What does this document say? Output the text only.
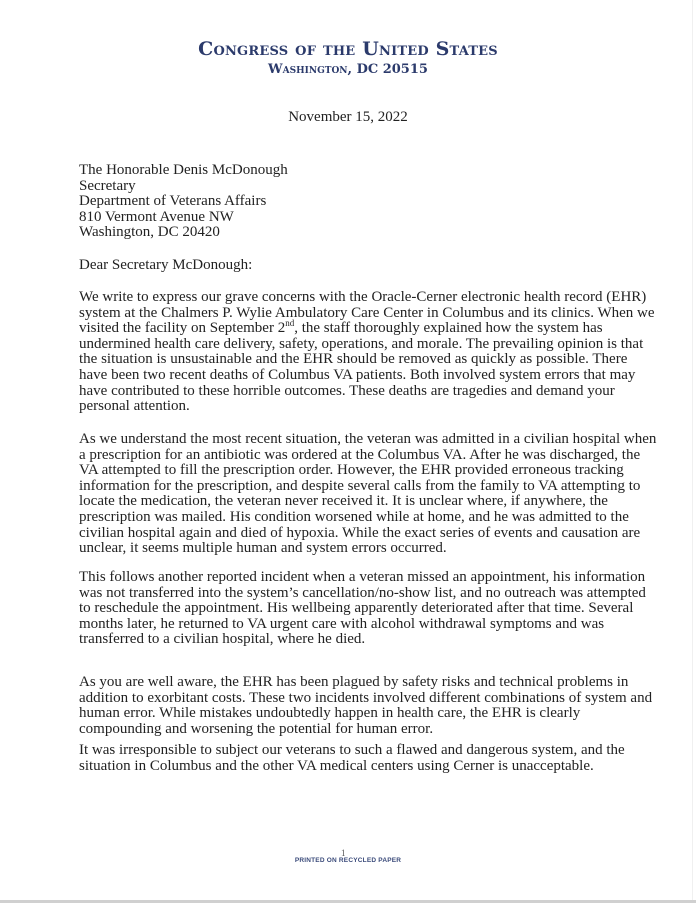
Congress of the United States
Washington, DC 20515
November 15, 2022
The Honorable Denis McDonough
Secretary
Department of Veterans Affairs
810 Vermont Avenue NW
Washington, DC 20420
Dear Secretary McDonough:
We write to express our grave concerns with the Oracle-Cerner electronic health record (EHR) system at the Chalmers P. Wylie Ambulatory Care Center in Columbus and its clinics. When we visited the facility on September 2nd, the staff thoroughly explained how the system has undermined health care delivery, safety, operations, and morale. The prevailing opinion is that the situation is unsustainable and the EHR should be removed as quickly as possible. There have been two recent deaths of Columbus VA patients. Both involved system errors that may have contributed to these horrible outcomes. These deaths are tragedies and demand your personal attention.
As we understand the most recent situation, the veteran was admitted in a civilian hospital when a prescription for an antibiotic was ordered at the Columbus VA. After he was discharged, the VA attempted to fill the prescription order. However, the EHR provided erroneous tracking information for the prescription, and despite several calls from the family to VA attempting to locate the medication, the veteran never received it. It is unclear where, if anywhere, the prescription was mailed. His condition worsened while at home, and he was admitted to the civilian hospital again and died of hypoxia. While the exact series of events and causation are unclear, it seems multiple human and system errors occurred.
This follows another reported incident when a veteran missed an appointment, his information was not transferred into the system’s cancellation/no-show list, and no outreach was attempted to reschedule the appointment. His wellbeing apparently deteriorated after that time. Several months later, he returned to VA urgent care with alcohol withdrawal symptoms and was transferred to a civilian hospital, where he died.
As you are well aware, the EHR has been plagued by safety risks and technical problems in addition to exorbitant costs. These two incidents involved different combinations of system and human error. While mistakes undoubtedly happen in health care, the EHR is clearly compounding and worsening the potential for human error.
It was irresponsible to subject our veterans to such a flawed and dangerous system, and the situation in Columbus and the other VA medical centers using Cerner is unacceptable.
1
PRINTED ON RECYCLED PAPER
